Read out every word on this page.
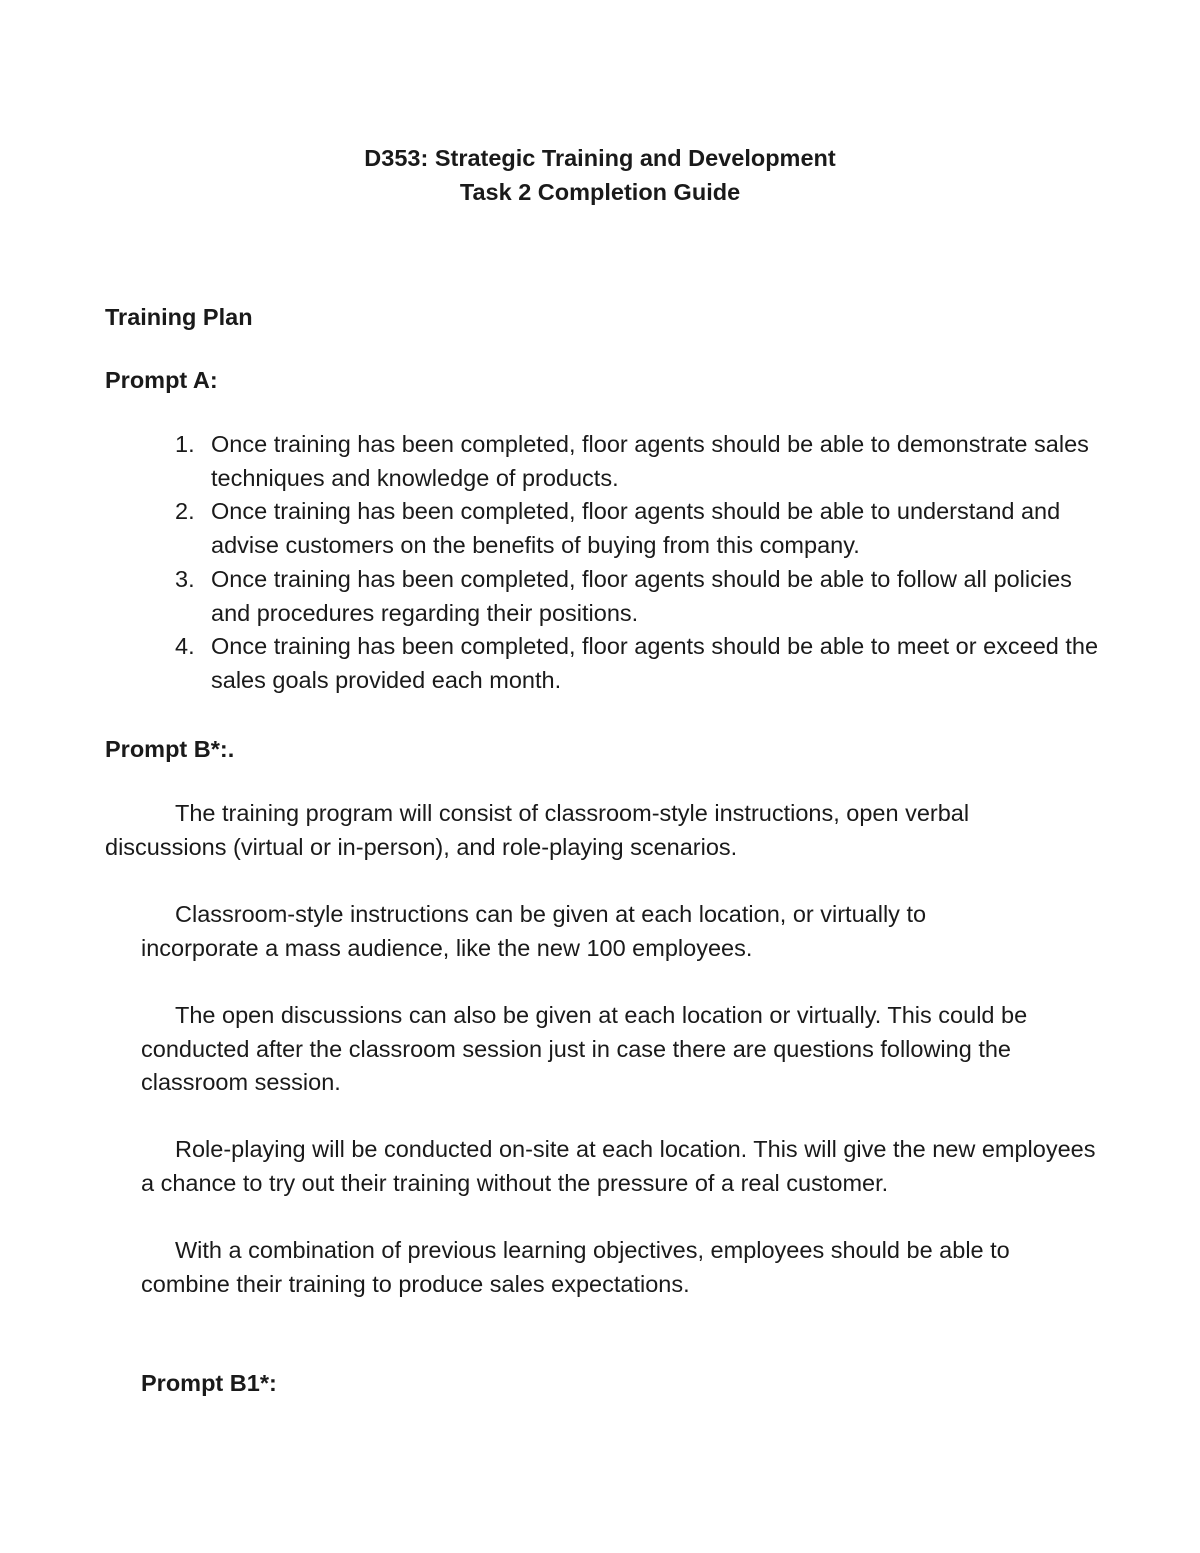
D353: Strategic Training and Development
Task 2 Completion Guide
Training Plan
Prompt A:
1. Once training has been completed, floor agents should be able to demonstrate sales techniques and knowledge of products.
2. Once training has been completed, floor agents should be able to understand and advise customers on the benefits of buying from this company.
3. Once training has been completed, floor agents should be able to follow all policies and procedures regarding their positions.
4. Once training has been completed, floor agents should be able to meet or exceed the sales goals provided each month.
Prompt B*:.

The training program will consist of classroom-style instructions, open verbal discussions (virtual or in-person), and role-playing scenarios.

Classroom-style instructions can be given at each location, or virtually to incorporate a mass audience, like the new 100 employees.

The open discussions can also be given at each location or virtually. This could be conducted after the classroom session just in case there are questions following the classroom session.

Role-playing will be conducted on-site at each location. This will give the new employees a chance to try out their training without the pressure of a real customer.

With a combination of previous learning objectives, employees should be able to combine their training to produce sales expectations.

Prompt B1*:
